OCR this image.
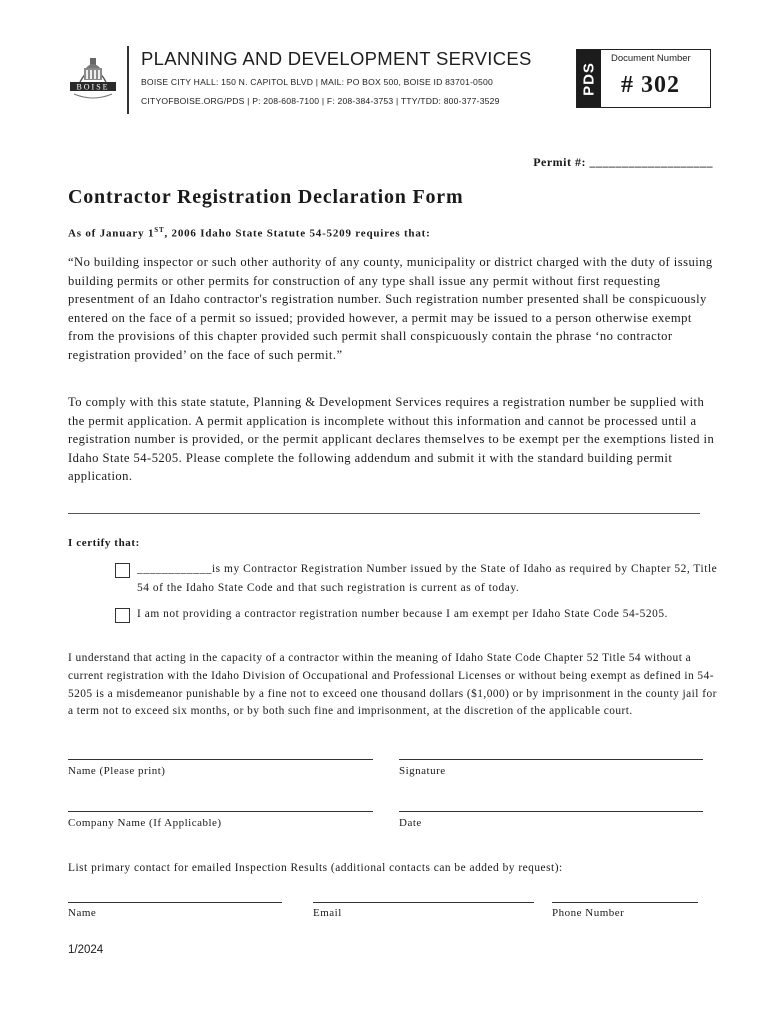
BOISE
PLANNING AND DEVELOPMENT SERVICES
BOISE CITY HALL: 150 N. CAPITOL BLVD | MAIL: PO BOX 500, BOISE ID 83701-0500
CITYOFBOISE.ORG/PDS | P: 208-608-7100 | F: 208-384-3753 | TTY/TDD: 800-377-3529
PDS
Document Number
# 302
Permit #: ___________________
Contractor Registration Declaration Form
As of January 1ST, 2006 Idaho State Statute 54-5209 requires that:

“No building inspector or such other authority of any county, municipality or district charged with the duty of issuing building permits or other permits for construction of any type shall issue any permit without first requesting presentment of an Idaho contractor's registration number. Such registration number presented shall be conspicuously entered on the face of a permit so issued; provided however, a permit may be issued to a person otherwise exempt from the provisions of this chapter provided such permit shall conspicuously contain the phrase ‘no contractor registration provided’ on the face of such permit.”

To comply with this state statute, Planning & Development Services requires a registration number be supplied with the permit application. A permit application is incomplete without this information and cannot be processed until a registration number is provided, or the permit applicant declares themselves to be exempt per the exemptions listed in Idaho State 54-5205. Please complete the following addendum and submit it with the standard building permit application.

I certify that:
____________is my Contractor Registration Number issued by the State of Idaho as required by Chapter 52, Title 54 of the Idaho State Code and that such registration is current as of today.
I am not providing a contractor registration number because I am exempt per Idaho State Code 54-5205.
I understand that acting in the capacity of a contractor within the meaning of Idaho State Code Chapter 52 Title 54 without a current registration with the Idaho Division of Occupational and Professional Licenses or without being exempt as defined in 54-5205 is a misdemeanor punishable by a fine not to exceed one thousand dollars ($1,000) or by imprisonment in the county jail for a term not to exceed six months, or by both such fine and imprisonment, at the discretion of the applicable court.
Name (Please print)	Signature
Company Name (If Applicable)	Date
List primary contact for emailed Inspection Results (additional contacts can be added by request):
Name	Email	Phone Number
1/2024
